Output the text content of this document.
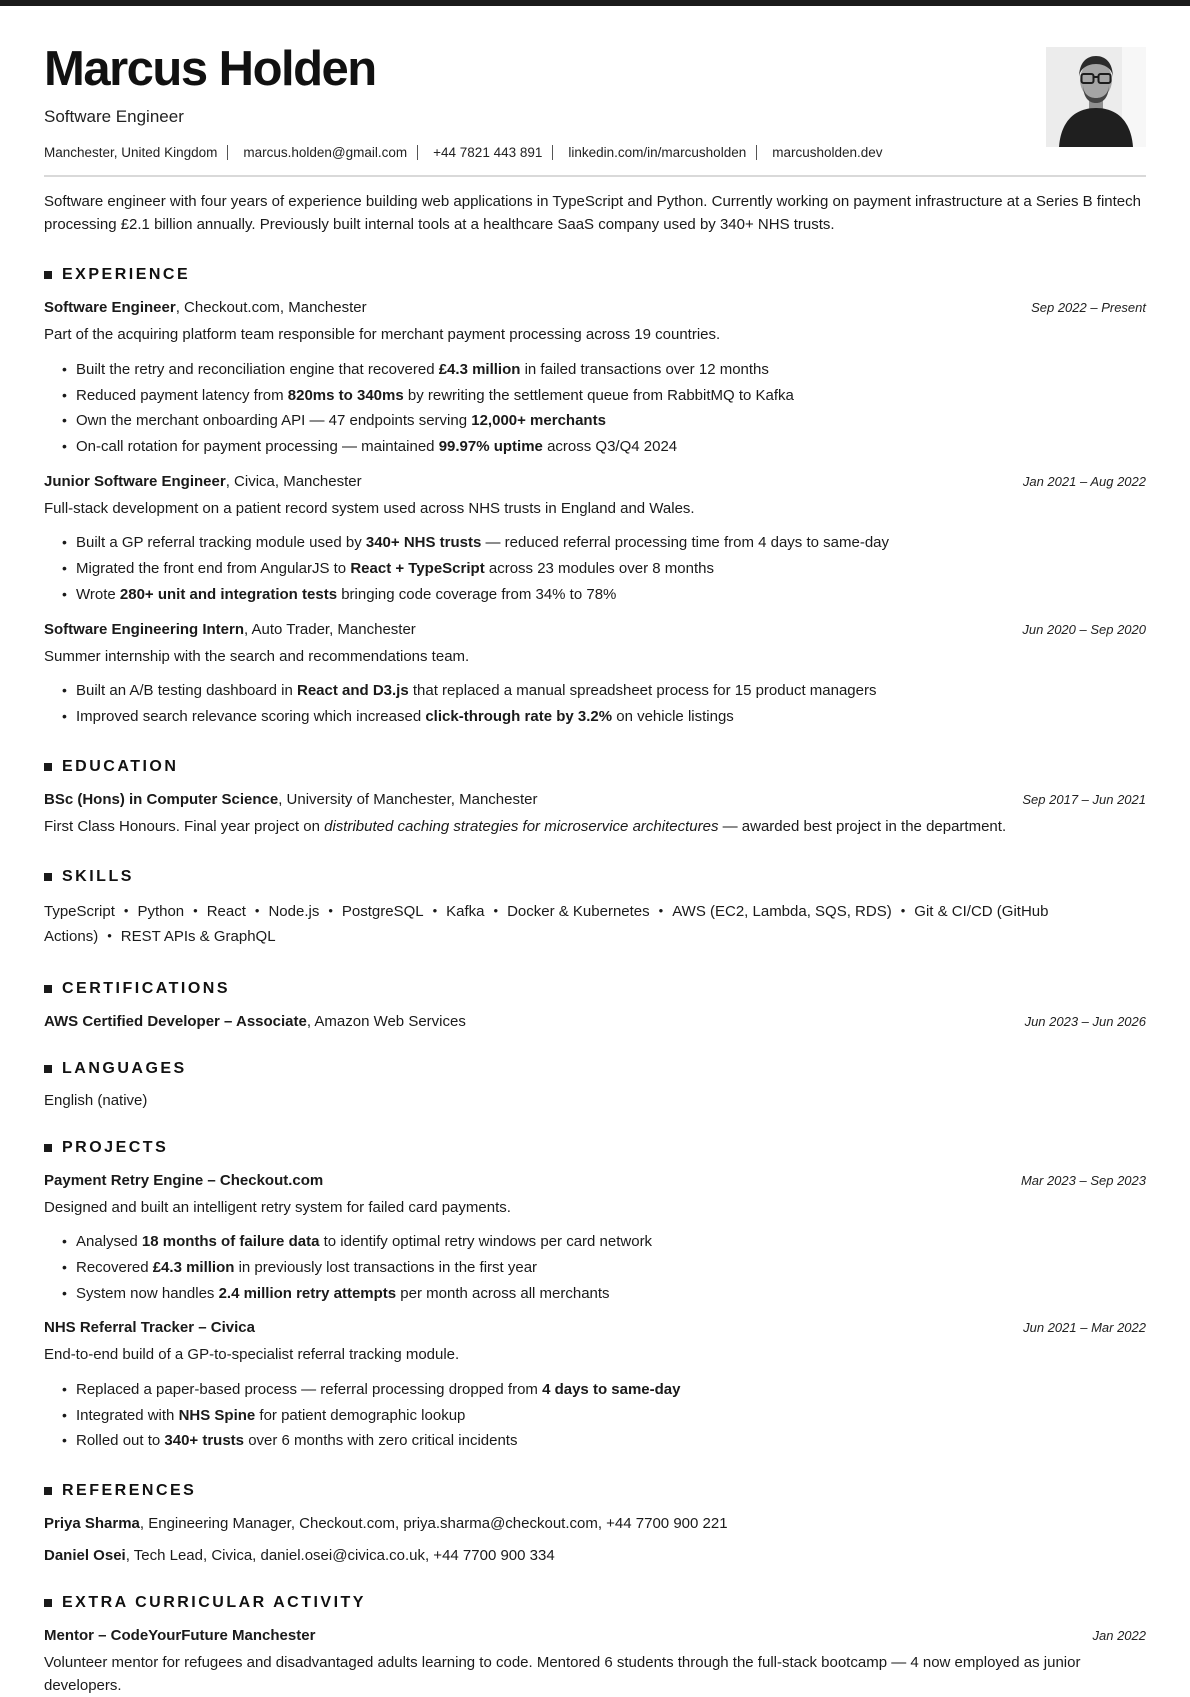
Marcus Holden
Software Engineer
Manchester, United Kingdom marcus.holden@gmail.com +44 7821 443 891 linkedin.com/in/marcusholden marcusholden.dev

Software engineer with four years of experience building web applications in TypeScript and Python. Currently working on payment infrastructure at a Series B fintech processing £2.1 billion annually. Previously built internal tools at a healthcare SaaS company used by 340+ NHS trusts.

EXPERIENCE
Software Engineer, Checkout.com, Manchester	Sep 2022 – Present
Part of the acquiring platform team responsible for merchant payment processing across 19 countries.
• Built the retry and reconciliation engine that recovered £4.3 million in failed transactions over 12 months
• Reduced payment latency from 820ms to 340ms by rewriting the settlement queue from RabbitMQ to Kafka
• Own the merchant onboarding API — 47 endpoints serving 12,000+ merchants
• On-call rotation for payment processing — maintained 99.97% uptime across Q3/Q4 2024
Junior Software Engineer, Civica, Manchester	Jan 2021 – Aug 2022
Full-stack development on a patient record system used across NHS trusts in England and Wales.
• Built a GP referral tracking module used by 340+ NHS trusts — reduced referral processing time from 4 days to same-day
• Migrated the front end from AngularJS to React + TypeScript across 23 modules over 8 months
• Wrote 280+ unit and integration tests bringing code coverage from 34% to 78%
Software Engineering Intern, Auto Trader, Manchester	Jun 2020 – Sep 2020
Summer internship with the search and recommendations team.
• Built an A/B testing dashboard in React and D3.js that replaced a manual spreadsheet process for 15 product managers
• Improved search relevance scoring which increased click-through rate by 3.2% on vehicle listings
EDUCATION
BSc (Hons) in Computer Science, University of Manchester, Manchester	Sep 2017 – Jun 2021
First Class Honours. Final year project on distributed caching strategies for microservice architectures — awarded best project in the department.
SKILLS
TypeScript • Python • React • Node.js • PostgreSQL • Kafka • Docker & Kubernetes • AWS (EC2, Lambda, SQS, RDS) • Git & CI/CD (GitHub Actions) • REST APIs & GraphQL
CERTIFICATIONS
AWS Certified Developer – Associate, Amazon Web Services	Jun 2023 – Jun 2026
LANGUAGES
English (native)
PROJECTS
Payment Retry Engine – Checkout.com	Mar 2023 – Sep 2023
Designed and built an intelligent retry system for failed card payments.
• Analysed 18 months of failure data to identify optimal retry windows per card network
• Recovered £4.3 million in previously lost transactions in the first year
• System now handles 2.4 million retry attempts per month across all merchants
NHS Referral Tracker – Civica	Jun 2021 – Mar 2022
End-to-end build of a GP-to-specialist referral tracking module.
• Replaced a paper-based process — referral processing dropped from 4 days to same-day
• Integrated with NHS Spine for patient demographic lookup
• Rolled out to 340+ trusts over 6 months with zero critical incidents
REFERENCES
Priya Sharma, Engineering Manager, Checkout.com, priya.sharma@checkout.com, +44 7700 900 221
Daniel Osei, Tech Lead, Civica, daniel.osei@civica.co.uk, +44 7700 900 334
EXTRA CURRICULAR ACTIVITY
Mentor – CodeYourFuture Manchester	Jan 2022
Volunteer mentor for refugees and disadvantaged adults learning to code. Mentored 6 students through the full-stack bootcamp — 4 now employed as junior developers.
